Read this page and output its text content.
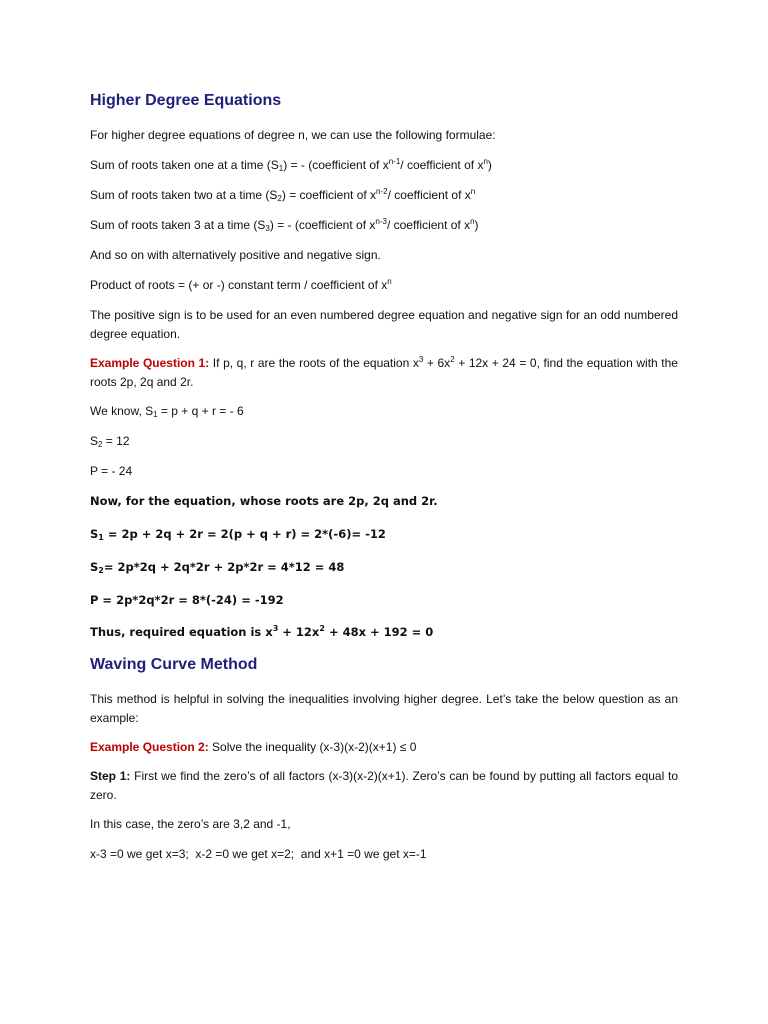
Higher Degree Equations

For higher degree equations of degree n, we can use the following formulae:

Sum of roots taken one at a time $(S_1)$ = - (coefficient of $x^{n-1}/$ coefficient of $x^n$)

Sum of roots taken two at a time $(S_2)$ = coefficient of $x^{n-2}/$ coefficient of $x^n$

Sum of roots taken 3 at a time $(S_3)$ = - (coefficient of $x^{n-3}/$ coefficient of $x^n$)

And so on with alternatively positive and negative sign.

Product of roots = (+ or -) constant term / coefficient of $x^n$

The positive sign is to be used for an even numbered degree equation and negative sign for an odd numbered degree equation.

Example Question 1: If p, q, r are the roots of the equation $x^3 + 6x^2 + 12x + 24 = 0$, find the equation with the roots 2p, 2q and 2r.

We know, $S_1 = p + q + r$ = - 6

$S_2 = 12$

P = - 24

Now, for the equation, whose roots are 2p, 2q and 2r.

$S_1 = 2p + 2q + 2r = 2(p + q + r) = 2*(-6)= -12$

$S_2= 2p*2q + 2q*2r + 2p*2r = 4*12 = 48$

P = 2p*2q*2r = 8*(-24) = -192

Thus, required equation is $x^3 + 12x^2 + 48x + 192 = 0$

Waving Curve Method

This method is helpful in solving the inequalities involving higher degree. Let’s take the below question as an example:

Example Question 2: Solve the inequality (x-3)(x-2)(x+1) ≤ 0

Step 1: First we find the zero’s of all factors (x-3)(x-2)(x+1). Zero’s can be found by putting all factors equal to zero.

In this case, the zero’s are 3,2 and -1,

x-3 =0 we get x=3;  x-2 =0 we get x=2;  and x+1 =0 we get x=-1
